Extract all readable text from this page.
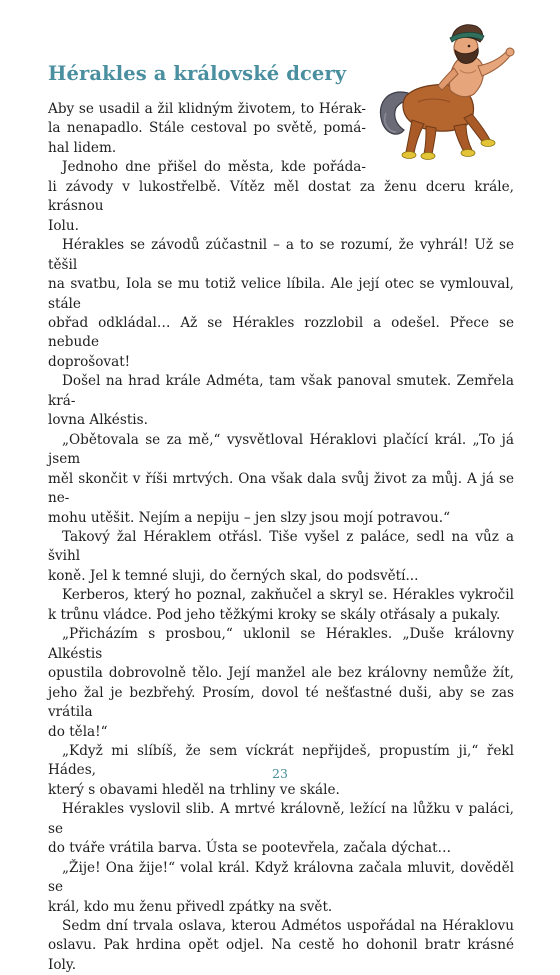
Hérakles a královské dcery

Aby se usadil a žil klidným životem, to Hérak-
la nenapadlo. Stále cestoval po světě, pomá-
hal lidem.

Jednoho dne přišel do města, kde pořáda-
li závody v lukostřelbě. Vítěz měl dostat za ženu dceru krále, krásnou
Iolu.

Hérakles se závodů zúčastnil – a to se rozumí, že vyhrál! Už se těšil
na svatbu, Iola se mu totiž velice líbila. Ale její otec se vymlouval, stále
obřad odkládal… Až se Hérakles rozzlobil a odešel. Přece se nebude
doprošovat!

Došel na hrad krále Adméta, tam však panoval smutek. Zemřela krá-
lovna Alkéstis.

„Obětovala se za mě,“ vysvětloval Héraklovi plačící král. „To já jsem
měl skončit v říši mrtvých. Ona však dala svůj život za můj. A já se ne-
mohu utěšit. Nejím a nepiju – jen slzy jsou mojí potravou.“

Takový žal Héraklem otřásl. Tiše vyšel z paláce, sedl na vůz a švihl
koně. Jel k temné sluji, do černých skal, do podsvětí...

Kerberos, který ho poznal, zakňučel a skryl se. Hérakles vykročil
k trůnu vládce. Pod jeho těžkými kroky se skály otřásaly a pukaly.

„Přicházím s prosbou,“ uklonil se Hérakles. „Duše královny Alkéstis
opustila dobrovolně tělo. Její manžel ale bez královny nemůže žít,
jeho žal je bezbřehý. Prosím, dovol té nešťastné duši, aby se zas vrátila
do těla!“

„Když mi slíbíš, že sem víckrát nepřijdeš, propustím ji,“ řekl Hádes,
který s obavami hleděl na trhliny ve skále.

Hérakles vyslovil slib. A mrtvé královně, ležící na lůžku v paláci, se
do tváře vrátila barva. Ústa se pootevřela, začala dýchat…

„Žije! Ona žije!“ volal král. Když královna začala mluvit, dověděl se
král, kdo mu ženu přivedl zpátky na svět.

Sedm dní trvala oslava, kterou Admétos uspořádal na Héraklovu
oslavu. Pak hrdina opět odjel. Na cestě ho dohonil bratr krásné Ioly.

23
